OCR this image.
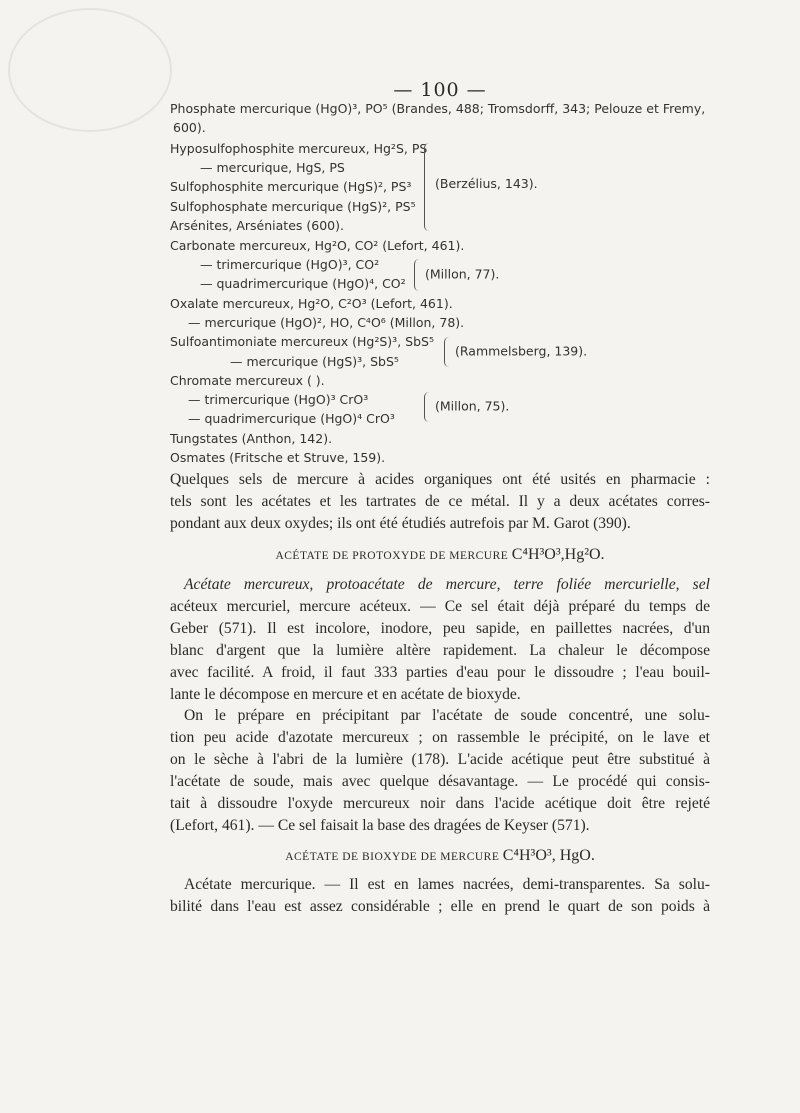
— 100 —
Phosphate mercurique (HgO)³, PO⁵ (Brandes, 488; Tromsdorff, 343; Pelouze et Fremy,
600).
Hyposulfophosphite mercureux, Hg²S, PS
— mercurique, HgS, PS
Sulfophosphite mercurique (HgS)², PS³
Sulfophosphate mercurique (HgS)², PS⁵
Arsénites, Arséniates (600).
Carbonate mercureux, Hg²O, CO² (Lefort, 461).
— trimercurique (HgO)³, CO²
— quadrimercurique (HgO)⁴, CO²
Oxalate mercureux, Hg²O, C²O³ (Lefort, 461).
— mercurique (HgO)², HO, C⁴O⁶ (Millon, 78).
Sulfoantimoniate mercureux (Hg²S)³, SbS⁵
— mercurique (HgS)³, SbS⁵
Chromate mercureux ( ).
— trimercurique (HgO)³ CrO³
— quadrimercurique (HgO)⁴ CrO³
Tungstates (Anthon, 142).
Osmates (Fritsche et Struve, 159).
(Berzélius, 143).
(Millon, 77).
(Rammelsberg, 139).
(Millon, 75).
Quelques sels de mercure à acides organiques ont été usités en pharmacie :
tels sont les acétates et les tartrates de ce métal. Il y a deux acétates corres-
pondant aux deux oxydes; ils ont été étudiés autrefois par M. Garot (390).
ACÉTATE DE PROTOXYDE DE MERCURE C⁴H³O³,Hg²O.
Acétate mercureux, protoacétate de mercure, terre foliée mercurielle, sel
acéteux mercuriel, mercure acéteux. — Ce sel était déjà préparé du temps de
Geber (571). Il est incolore, inodore, peu sapide, en paillettes nacrées, d'un
blanc d'argent que la lumière altère rapidement. La chaleur le décompose
avec facilité. A froid, il faut 333 parties d'eau pour le dissoudre ; l'eau bouil-
lante le décompose en mercure et en acétate de bioxyde.
On le prépare en précipitant par l'acétate de soude concentré, une solu-
tion peu acide d'azotate mercureux ; on rassemble le précipité, on le lave et
on le sèche à l'abri de la lumière (178). L'acide acétique peut être substitué à
l'acétate de soude, mais avec quelque désavantage. — Le procédé qui consis-
tait à dissoudre l'oxyde mercureux noir dans l'acide acétique doit être rejeté
(Lefort, 461). — Ce sel faisait la base des dragées de Keyser (571).
ACÉTATE DE BIOXYDE DE MERCURE C⁴H³O³, HgO.
Acétate mercurique. — Il est en lames nacrées, demi-transparentes. Sa solu-
bilité dans l'eau est assez considérable ; elle en prend le quart de son poids à
